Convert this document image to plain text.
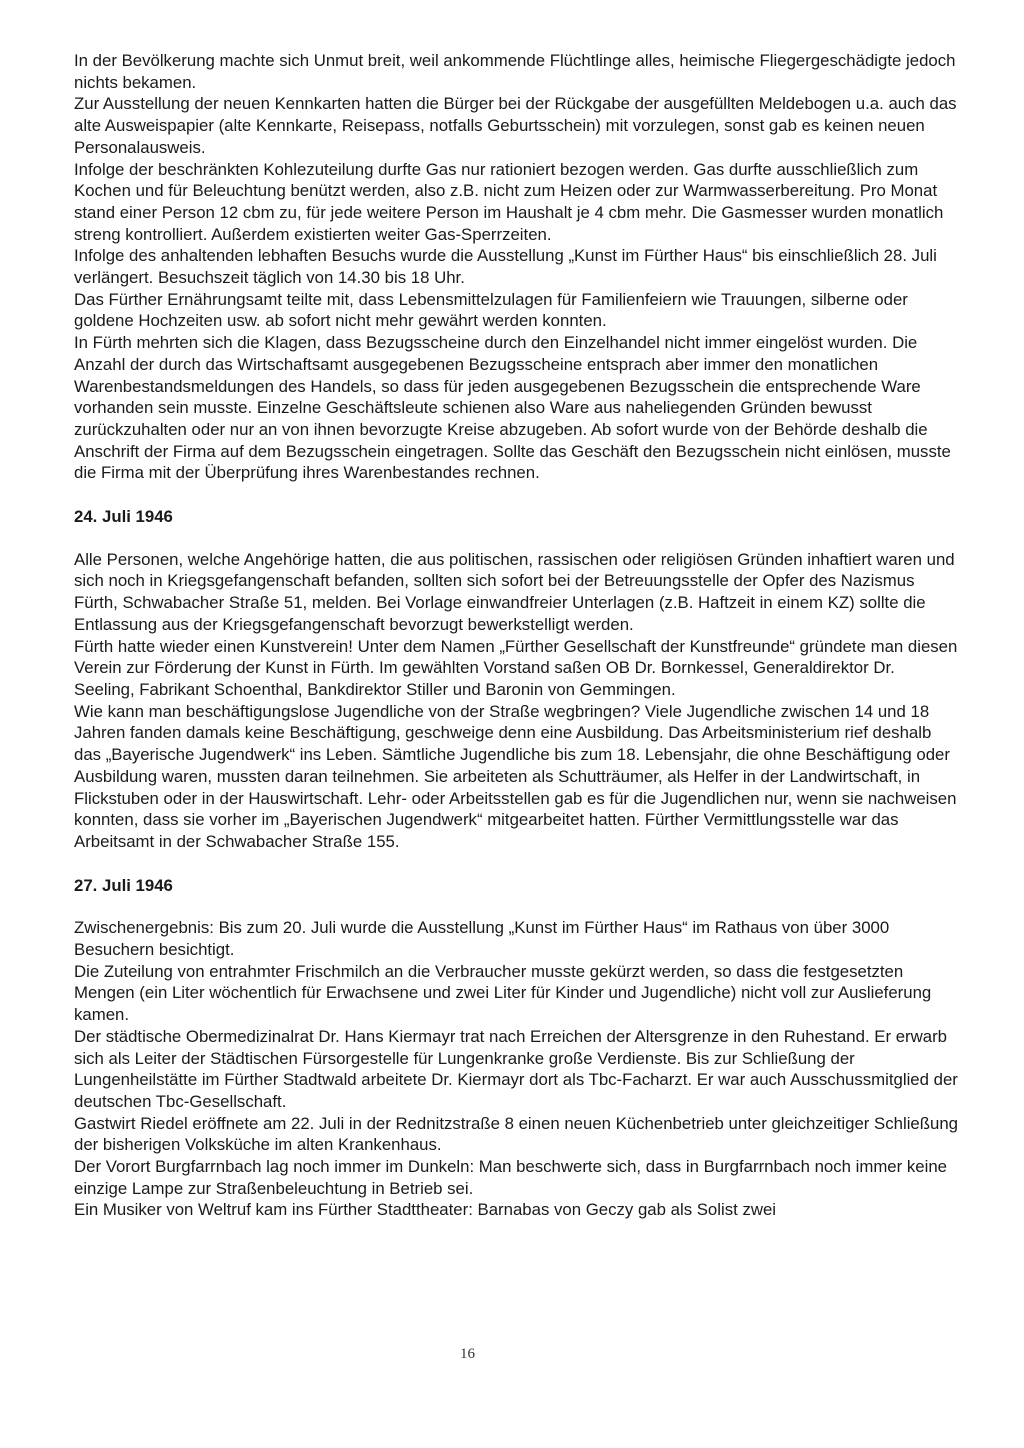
In der Bevölkerung machte sich Unmut breit, weil ankommende Flüchtlinge alles, heimische Fliegergeschädigte jedoch nichts bekamen.

Zur Ausstellung der neuen Kennkarten hatten die Bürger bei der Rückgabe der ausgefüllten Meldebogen u.a. auch das alte Ausweispapier (alte Kennkarte, Reisepass, notfalls Geburtsschein) mit vorzulegen, sonst gab es keinen neuen Personalausweis.

Infolge der beschränkten Kohlezuteilung durfte Gas nur rationiert bezogen werden. Gas durfte ausschließlich zum Kochen und für Beleuchtung benützt werden, also z.B. nicht zum Heizen oder zur Warmwasserbereitung. Pro Monat stand einer Person 12 cbm zu, für jede weitere Person im Haushalt je 4 cbm mehr. Die Gasmesser wurden monatlich streng kontrolliert. Außerdem existierten weiter Gas-Sperrzeiten.

Infolge des anhaltenden lebhaften Besuchs wurde die Ausstellung „Kunst im Fürther Haus“ bis einschließlich 28. Juli verlängert. Besuchszeit täglich von 14.30 bis 18 Uhr.

Das Fürther Ernährungsamt teilte mit, dass Lebensmittelzulagen für Familienfeiern wie Trauungen, silberne oder goldene Hochzeiten usw. ab sofort nicht mehr gewährt werden konnten.

In Fürth mehrten sich die Klagen, dass Bezugsscheine durch den Einzelhandel nicht immer eingelöst wurden. Die Anzahl der durch das Wirtschaftsamt ausgegebenen Bezugsscheine entsprach aber immer den monatlichen Warenbestandsmeldungen des Handels, so dass für jeden ausgegebenen Bezugsschein die entsprechende Ware vorhanden sein musste. Einzelne Geschäftsleute schienen also Ware aus naheliegenden Gründen bewusst zurückzuhalten oder nur an von ihnen bevorzugte Kreise abzugeben. Ab sofort wurde von der Behörde deshalb die Anschrift der Firma auf dem Bezugsschein eingetragen. Sollte das Geschäft den Bezugsschein nicht einlösen, musste die Firma mit der Überprüfung ihres Warenbestandes rechnen.

24. Juli 1946

Alle Personen, welche Angehörige hatten, die aus politischen, rassischen oder religiösen Gründen inhaftiert waren und sich noch in Kriegsgefangenschaft befanden, sollten sich sofort bei der Betreuungsstelle der Opfer des Nazismus Fürth, Schwabacher Straße 51, melden. Bei Vorlage einwandfreier Unterlagen (z.B. Haftzeit in einem KZ) sollte die Entlassung aus der Kriegsgefangenschaft bevorzugt bewerkstelligt werden.

Fürth hatte wieder einen Kunstverein! Unter dem Namen „Fürther Gesellschaft der Kunstfreunde“ gründete man diesen Verein zur Förderung der Kunst in Fürth. Im gewählten Vorstand saßen OB Dr. Bornkessel, Generaldirektor Dr. Seeling, Fabrikant Schoenthal, Bankdirektor Stiller und Baronin von Gemmingen.

Wie kann man beschäftigungslose Jugendliche von der Straße wegbringen? Viele Jugendliche zwischen 14 und 18 Jahren fanden damals keine Beschäftigung, geschweige denn eine Ausbildung. Das Arbeitsministerium rief deshalb das „Bayerische Jugendwerk“ ins Leben. Sämtliche Jugendliche bis zum 18. Lebensjahr, die ohne Beschäftigung oder Ausbildung waren, mussten daran teilnehmen. Sie arbeiteten als Schutträumer, als Helfer in der Landwirtschaft, in Flickstuben oder in der Hauswirtschaft. Lehr- oder Arbeitsstellen gab es für die Jugendlichen nur, wenn sie nachweisen konnten, dass sie vorher im „Bayerischen Jugendwerk“ mitgearbeitet hatten. Fürther Vermittlungsstelle war das Arbeitsamt in der Schwabacher Straße 155.

27. Juli 1946

Zwischenergebnis: Bis zum 20. Juli wurde die Ausstellung „Kunst im Fürther Haus“ im Rathaus von über 3000 Besuchern besichtigt.

Die Zuteilung von entrahmter Frischmilch an die Verbraucher musste gekürzt werden, so dass die festgesetzten Mengen (ein Liter wöchentlich für Erwachsene und zwei Liter für Kinder und Jugendliche) nicht voll zur Auslieferung kamen.

Der städtische Obermedizinalrat Dr. Hans Kiermayr trat nach Erreichen der Altersgrenze in den Ruhestand. Er erwarb sich als Leiter der Städtischen Fürsorgestelle für Lungenkranke große Verdienste. Bis zur Schließung der Lungenheilstätte im Fürther Stadtwald arbeitete Dr. Kiermayr dort als Tbc-Facharzt. Er war auch Ausschussmitglied der deutschen Tbc-Gesellschaft.

Gastwirt Riedel eröffnete am 22. Juli in der Rednitzstraße 8 einen neuen Küchenbetrieb unter gleichzeitiger Schließung der bisherigen Volksküche im alten Krankenhaus.

Der Vorort Burgfarrnbach lag noch immer im Dunkeln: Man beschwerte sich, dass in Burgfarrnbach noch immer keine einzige Lampe zur Straßenbeleuchtung in Betrieb sei.

Ein Musiker von Weltruf kam ins Fürther Stadttheater: Barnabas von Geczy gab als Solist zwei

16
